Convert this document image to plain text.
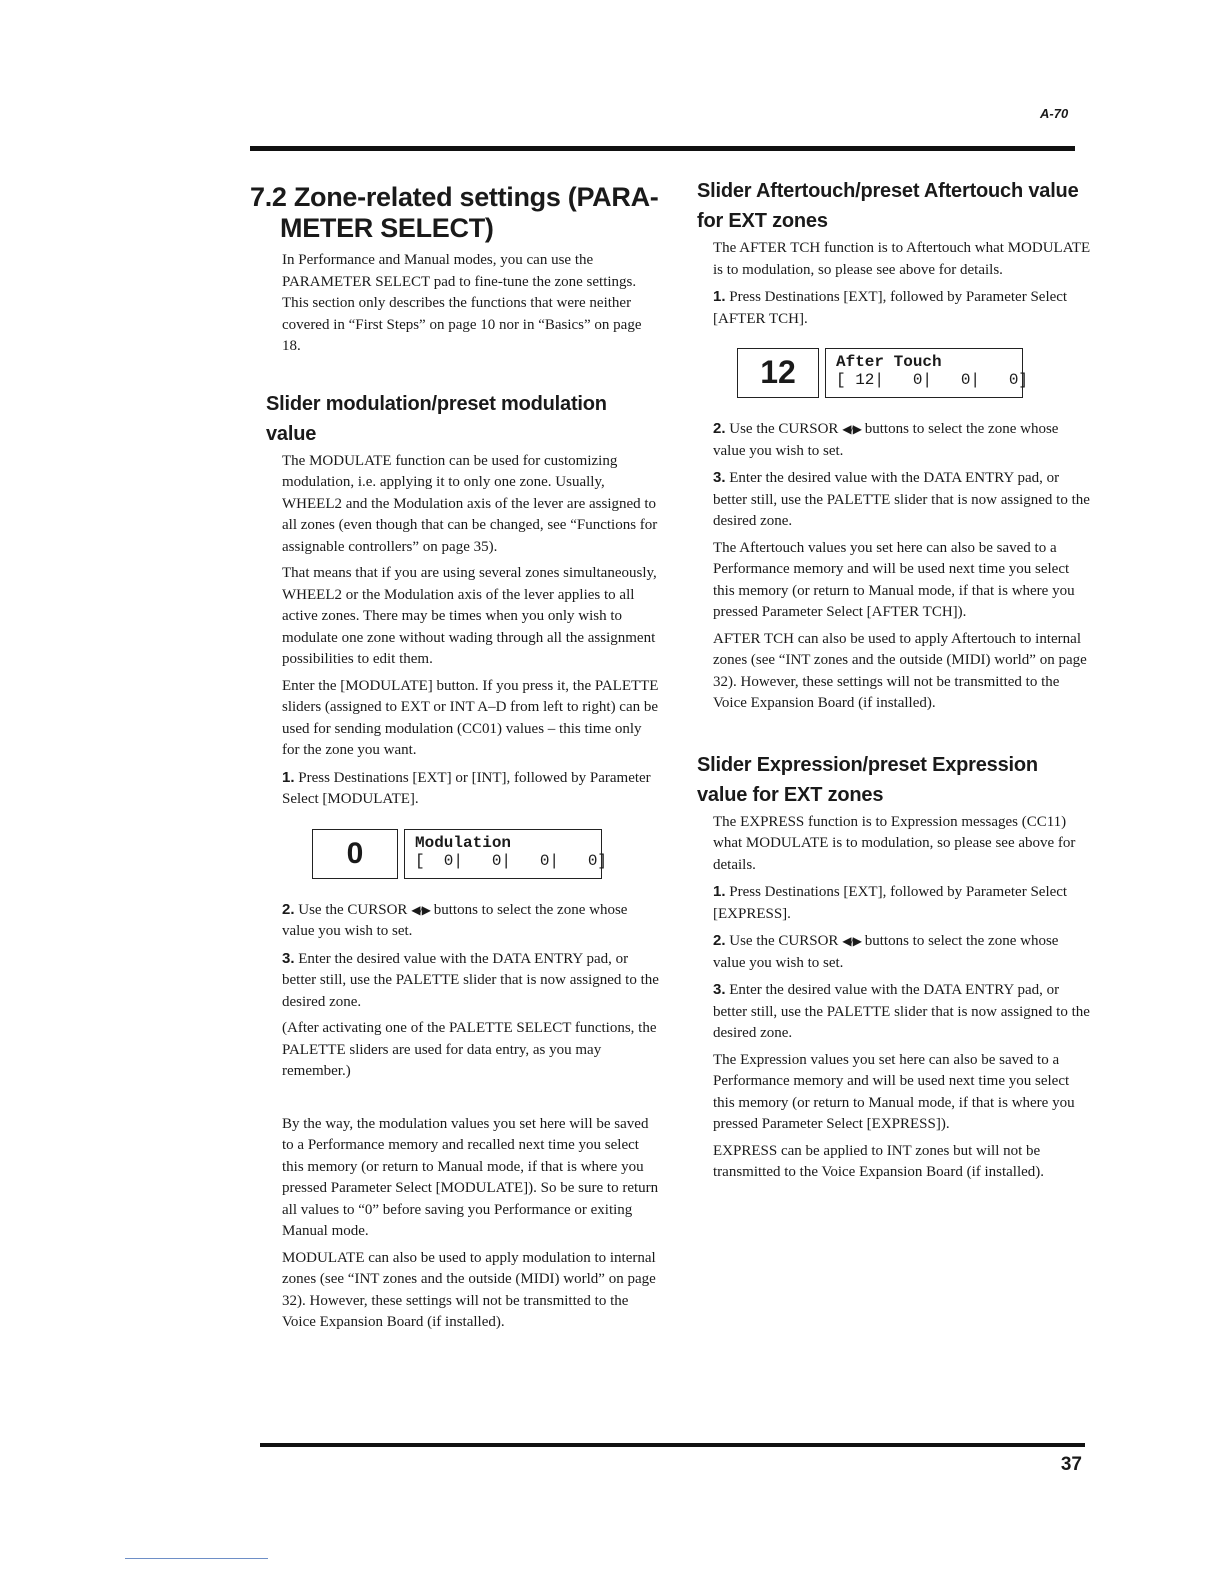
A-70
7.2 Zone-related settings (PARA-
METER SELECT)

In Performance and Manual modes, you can use the PARAMETER SELECT pad to fine-tune the zone settings. This section only describes the functions that were neither covered in “First Steps” on page 10 nor in “Basics” on page 18.

Slider modulation/preset modulation value

The MODULATE function can be used for customizing modulation, i.e. applying it to only one zone. Usually, WHEEL2 and the Modulation axis of the lever are assigned to all zones (even though that can be changed, see “Functions for assignable controllers” on page 35).

That means that if you are using several zones simultaneously, WHEEL2 or the Modulation axis of the lever applies to all active zones. There may be times when you only wish to modulate one zone without wading through all the assignment possibilities to edit them.

Enter the [MODULATE] button. If you press it, the PALETTE sliders (assigned to EXT or INT A–D from left to right) can be used for sending modulation (CC01) values – this time only for the zone you want.

1. Press Destinations [EXT] or [INT], followed by Parameter Select [MODULATE].

0	Modulation
[  0|   0|   0|   0]

2. Use the CURSOR ◀/▶ buttons to select the zone whose value you wish to set.

3. Enter the desired value with the DATA ENTRY pad, or better still, use the PALETTE slider that is now assigned to the desired zone.

(After activating one of the PALETTE SELECT functions, the PALETTE sliders are used for data entry, as you may remember.)

By the way, the modulation values you set here will be saved to a Performance memory and recalled next time you select this memory (or return to Manual mode, if that is where you pressed Parameter Select [MODULATE]). So be sure to return all values to “0” before saving you Performance or exiting Manual mode.

MODULATE can also be used to apply modulation to internal zones (see “INT zones and the outside (MIDI) world” on page 32). However, these settings will not be transmitted to the Voice Expansion Board (if installed).

Slider Aftertouch/preset Aftertouch value for EXT zones

The AFTER TCH function is to Aftertouch what MODULATE is to modulation, so please see above for details.

1. Press Destinations [EXT], followed by Parameter Select [AFTER TCH].

12	After Touch
[ 12|   0|   0|   0]

2. Use the CURSOR ◀/▶ buttons to select the zone whose value you wish to set.

3. Enter the desired value with the DATA ENTRY pad, or better still, use the PALETTE slider that is now assigned to the desired zone.

The Aftertouch values you set here can also be saved to a Performance memory and will be used next time you select this memory (or return to Manual mode, if that is where you pressed Parameter Select [AFTER TCH]).

AFTER TCH can also be used to apply Aftertouch to internal zones (see “INT zones and the outside (MIDI) world” on page 32). However, these settings will not be transmitted to the Voice Expansion Board (if installed).

Slider Expression/preset Expression value for EXT zones

The EXPRESS function is to Expression messages (CC11) what MODULATE is to modulation, so please see above for details.

1. Press Destinations [EXT], followed by Parameter Select [EXPRESS].

2. Use the CURSOR ◀/▶ buttons to select the zone whose value you wish to set.

3. Enter the desired value with the DATA ENTRY pad, or better still, use the PALETTE slider that is now assigned to the desired zone.

The Expression values you set here can also be saved to a Performance memory and will be used next time you select this memory (or return to Manual mode, if that is where you pressed Parameter Select [EXPRESS]).

EXPRESS can be applied to INT zones but will not be transmitted to the Voice Expansion Board (if installed).

37
